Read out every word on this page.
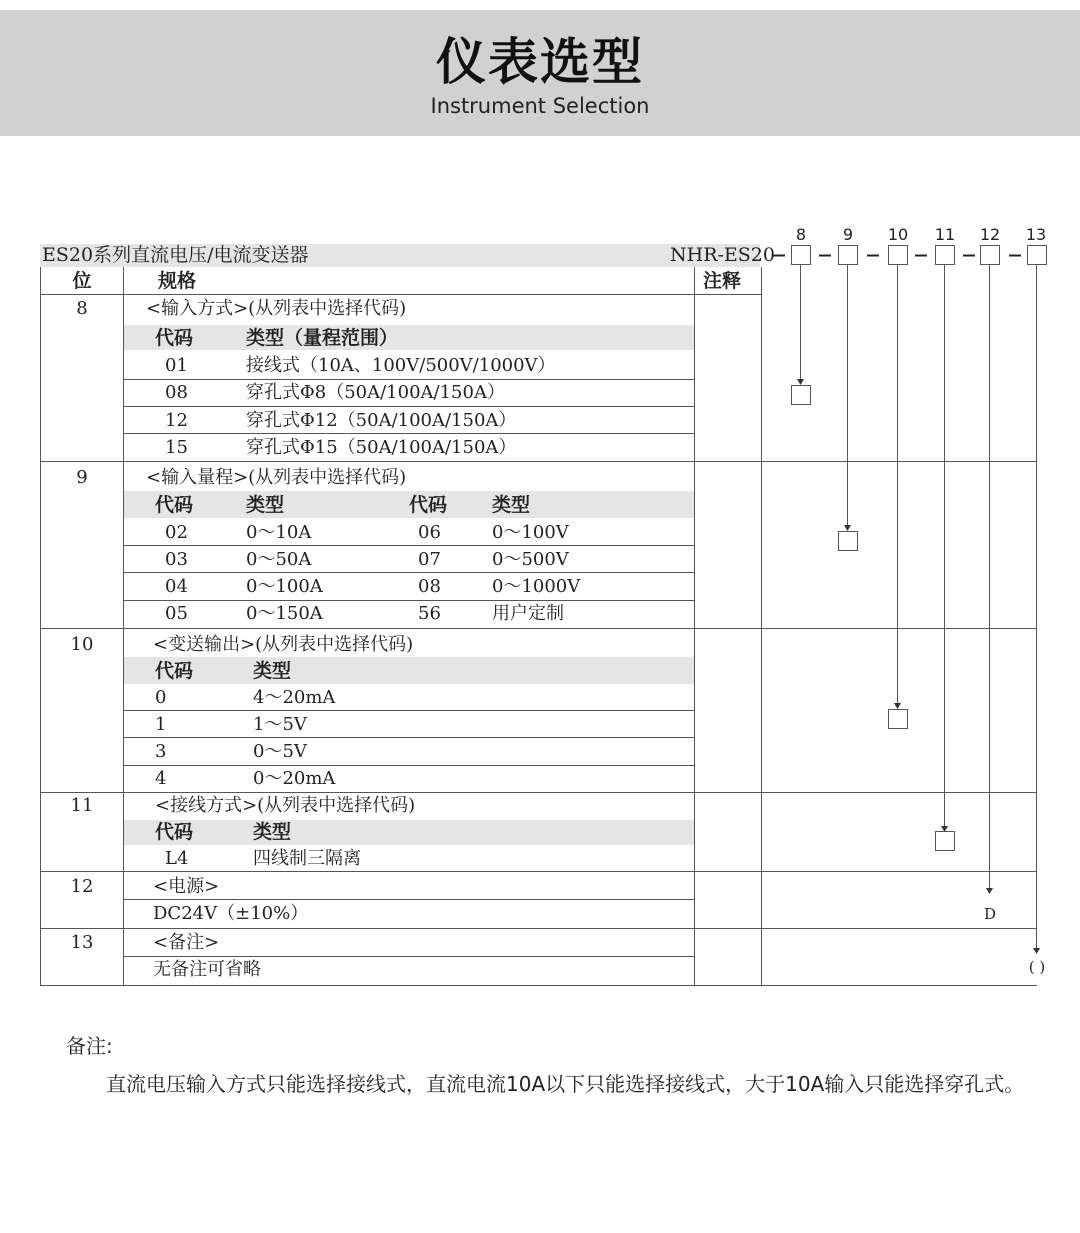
仪表选型
Instrument Selection
8	9	10 11 12 13
ES20系列直流电压/电流变送器	NHR-ES20
位	规格	注释
8	<输入方式>(从列表中选择代码)
代码	类型（量程范围）
01	接线式（10A、100V/500V/1000V）
08	穿孔式Φ8（50A/100A/150A）
12	穿孔式Φ12（50A/100A/150A）
15	穿孔式Φ15（50A/100A/150A）
9	<输入量程>(从列表中选择代码)
代码	类型	代码 类型
02	0～10A	06	0～100V
03	0～50A	07	0～500V
04	0～100A	08	0～1000V
05	0～150A	56	用户定制
10	<变送输出>(从列表中选择代码)
代码	类型
0	4～20mA
1	1～5V
3	0～5V
4	0～20mA
11	<接线方式>(从列表中选择代码)
代码	类型
L4	四线制三隔离
12	<电源>
DC24V（±10%）	D
13	<备注>
无备注可省略	( )
备注:
直流电压输入方式只能选择接线式，直流电流10A以下只能选择接线式，大于10A输入只能选择穿孔式。
